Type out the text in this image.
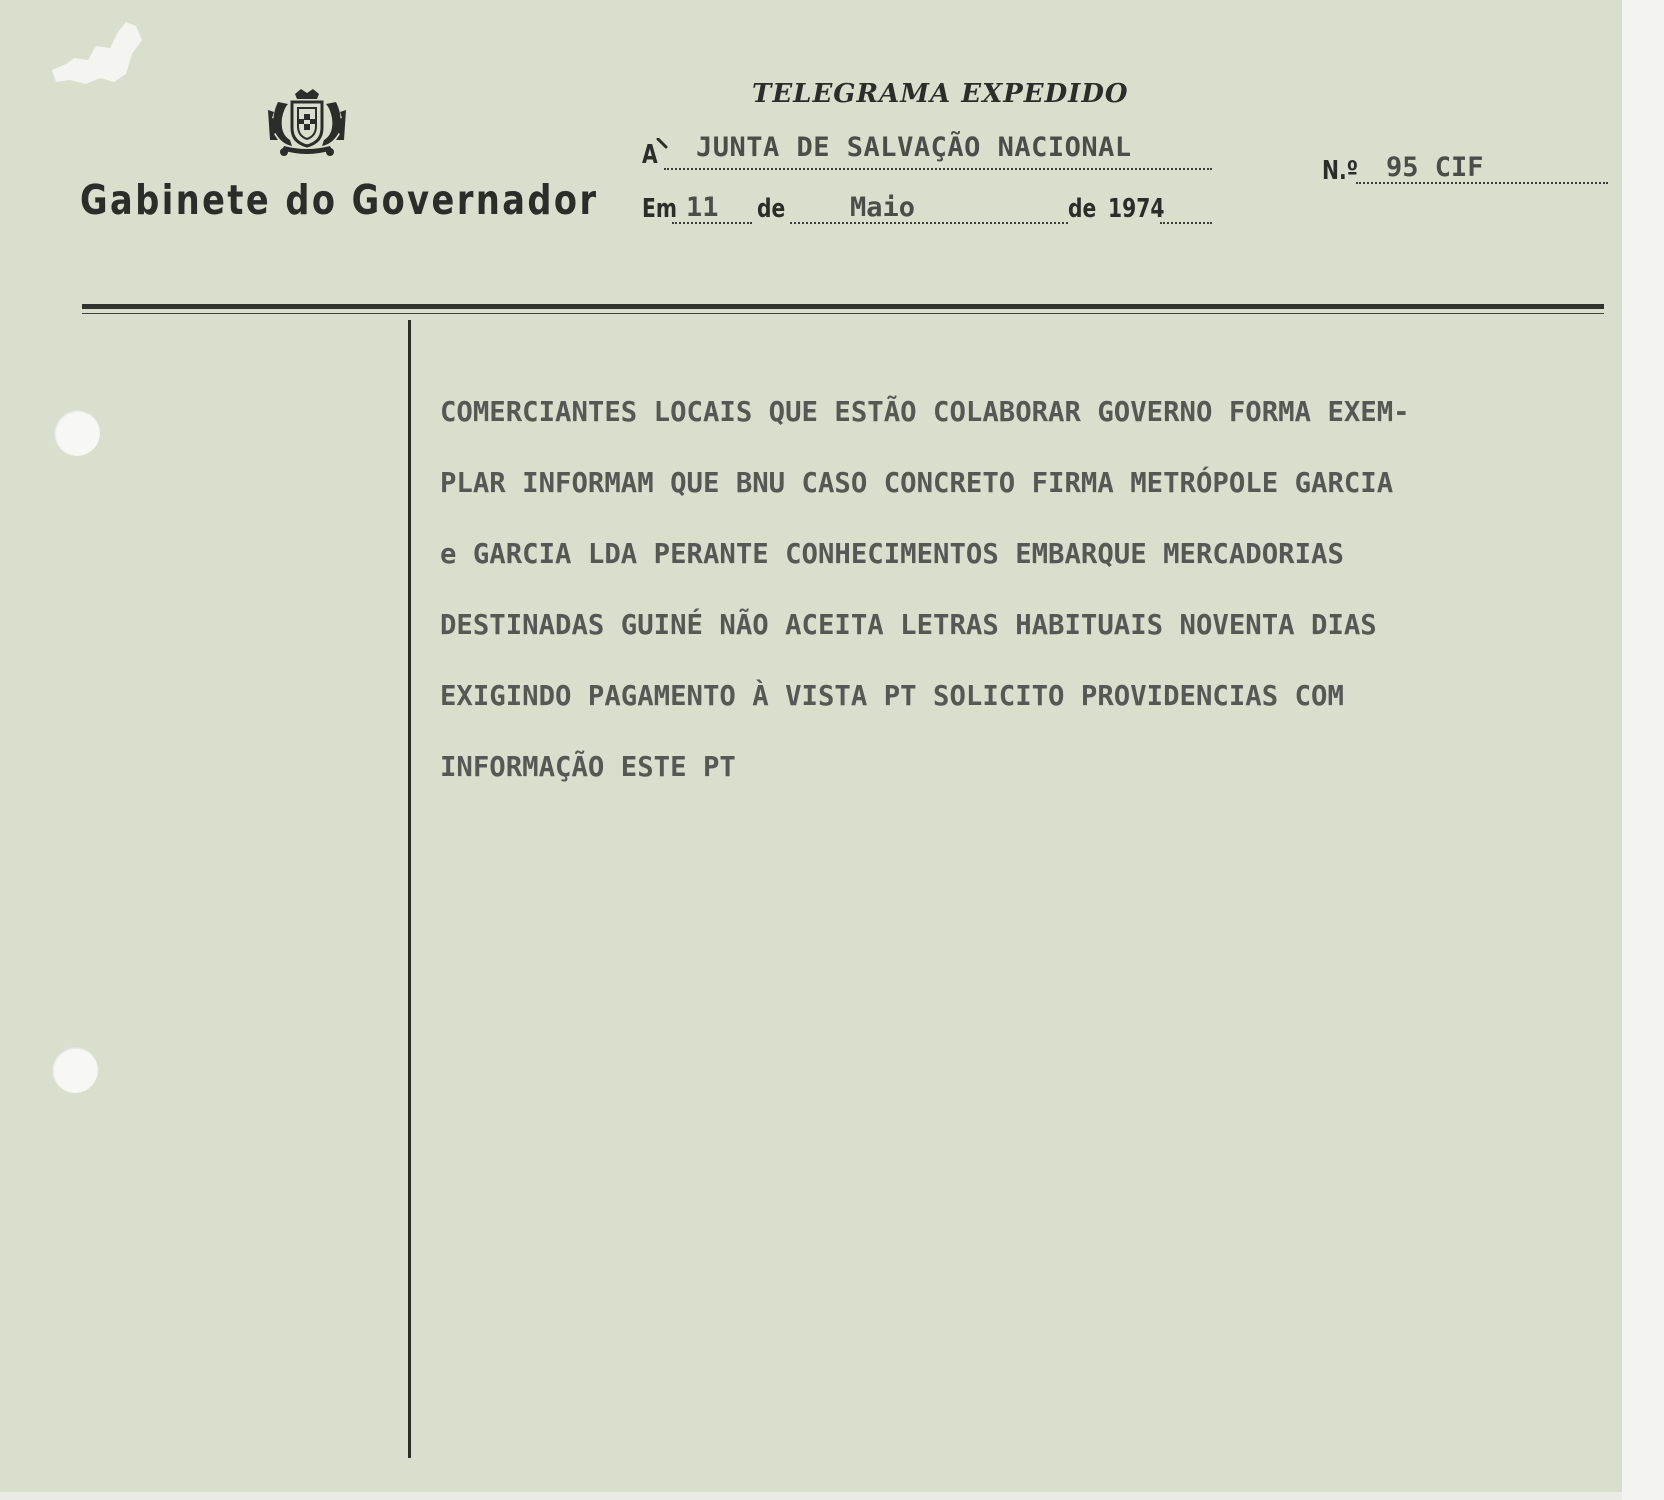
Gabinete do Governador
TELEGRAMA EXPEDIDO
A JUNTA DE SALVAÇÃO NACIONAL
Em 11 de Maio	de 1974
N.º 95 CIF
COMERCIANTES LOCAIS QUE ESTÃO COLABORAR GOVERNO FORMA EXEM-
PLAR INFORMAM QUE BNU CASO CONCRETO FIRMA METRÓPOLE GARCIA
e GARCIA LDA PERANTE CONHECIMENTOS EMBARQUE MERCADORIAS
DESTINADAS GUINÉ NÃO ACEITA LETRAS HABITUAIS NOVENTA DIAS
EXIGINDO PAGAMENTO À VISTA PT SOLICITO PROVIDENCIAS COM
INFORMAÇÃO ESTE PT
